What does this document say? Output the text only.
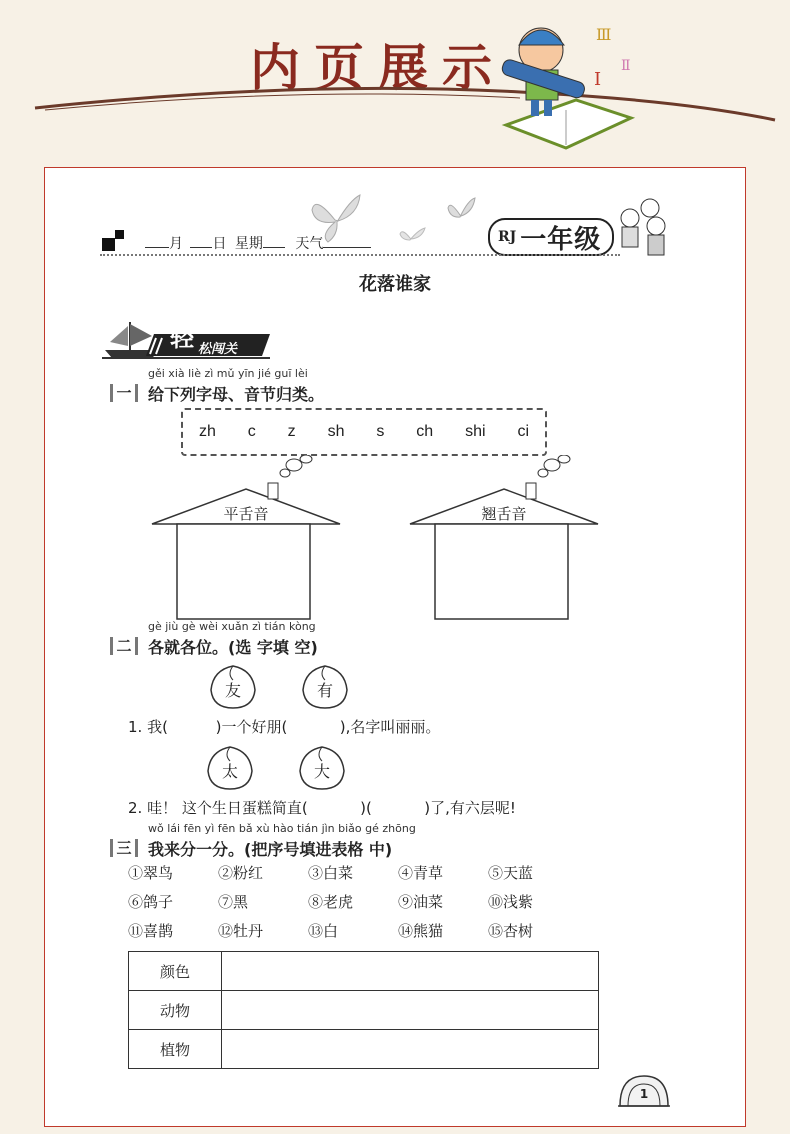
内页展示
Ⅲ
Ⅰ
Ⅱ
月 日 星期 天气	RJ 一年级
花落谁家
轻 松闯关
gěi xià liè zì mǔ yīn jié guī lèi
一	给下列字母、音节归类。
zh c z sh s ch shi ci
平舌音	翘舌音
gè jiù gè wèi xuǎn zì tián kòng
二	各就各位。(选 字填 空)
友	有
1. 我(          )一个好朋(           ),名字叫丽丽。
太	大
2. 哇！ 这个生日蛋糕简直(           )(           )了,有六层呢!
wǒ lái fēn yì fēn bǎ xù hào tián jìn biǎo gé zhōng
三	我来分一分。(把序号填进表格 中)
①翠鸟	②粉红	③白菜	④青草	⑤天蓝
⑥鸽子	⑦黑	⑧老虎	⑨油菜	⑩浅紫
⑪喜鹊	⑫牡丹	⑬白	⑭熊猫	⑮杏树
颜色	
动物	
植物	
1
